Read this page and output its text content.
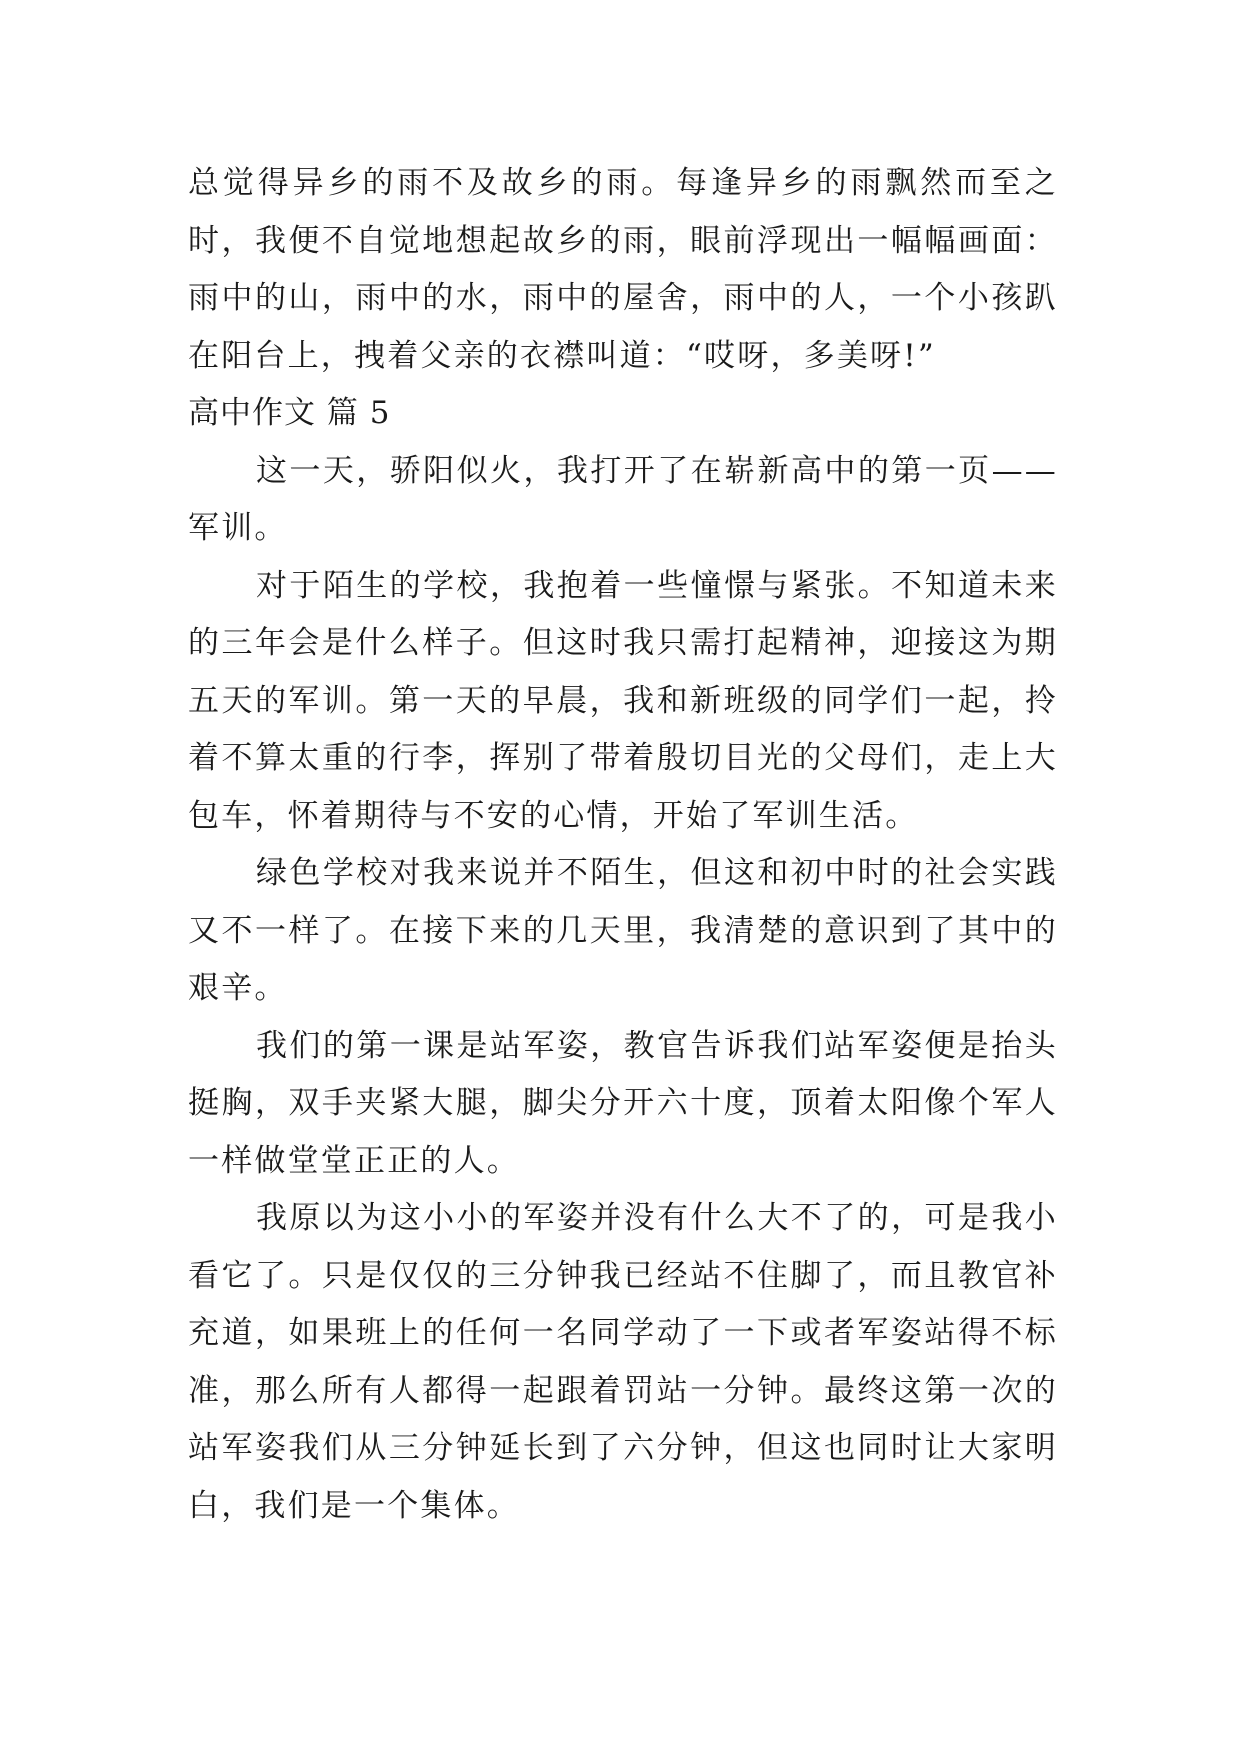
总觉得异乡的雨不及故乡的雨。每逢异乡的雨飘然而至之时，我便不自觉地想起故乡的雨，眼前浮现出一幅幅画面：雨中的山，雨中的水，雨中的屋舍，雨中的人，一个小孩趴在阳台上，拽着父亲的衣襟叫道：“哎呀，多美呀!”

高中作文 篇 5

这一天，骄阳似火，我打开了在崭新高中的第一页——军训。

对于陌生的学校，我抱着一些憧憬与紧张。不知道未来的三年会是什么样子。但这时我只需打起精神，迎接这为期五天的军训。第一天的早晨，我和新班级的同学们一起，拎着不算太重的行李，挥别了带着殷切目光的父母们，走上大包车，怀着期待与不安的心情，开始了军训生活。

绿色学校对我来说并不陌生，但这和初中时的社会实践又不一样了。在接下来的几天里，我清楚的意识到了其中的艰辛。

我们的第一课是站军姿，教官告诉我们站军姿便是抬头挺胸，双手夹紧大腿，脚尖分开六十度，顶着太阳像个军人一样做堂堂正正的人。

我原以为这小小的军姿并没有什么大不了的，可是我小看它了。只是仅仅的三分钟我已经站不住脚了，而且教官补充道，如果班上的任何一名同学动了一下或者军姿站得不标准，那么所有人都得一起跟着罚站一分钟。最终这第一次的站军姿我们从三分钟延长到了六分钟，但这也同时让大家明白，我们是一个集体。
